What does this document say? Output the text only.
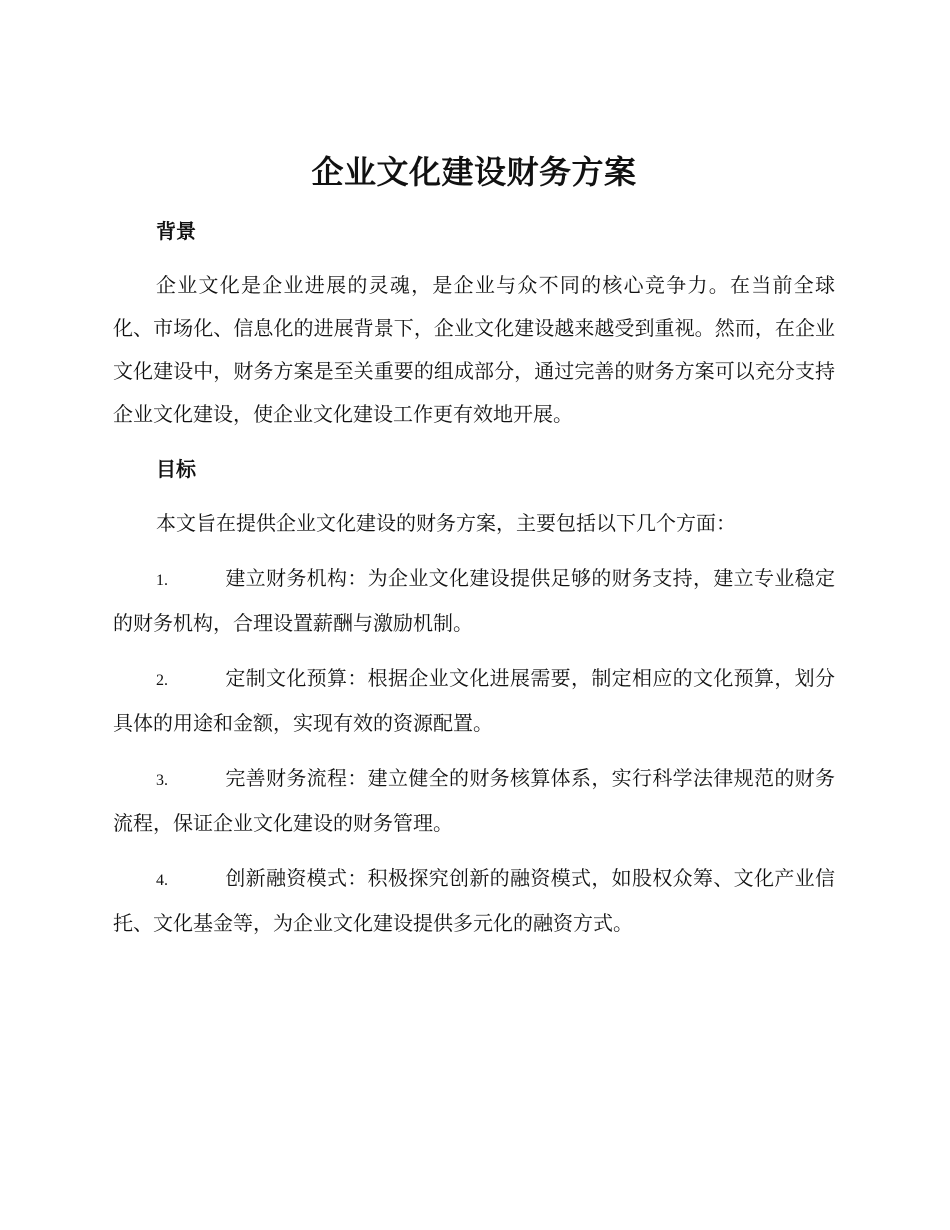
企业文化建设财务方案
背景

企业文化是企业进展的灵魂，是企业与众不同的核心竞争力。在当前全球化、市场化、信息化的进展背景下，企业文化建设越来越受到重视。然而，在企业文化建设中，财务方案是至关重要的组成部分，通过完善的财务方案可以充分支持企业文化建设，使企业文化建设工作更有效地开展。

目标

本文旨在提供企业文化建设的财务方案，主要包括以下几个方面：

1.	建立财务机构：为企业文化建设提供足够的财务支持，建立专业稳定的财务机构，合理设置薪酬与激励机制。

2.	定制文化预算：根据企业文化进展需要，制定相应的文化预算，划分具体的用途和金额，实现有效的资源配置。

3.	完善财务流程：建立健全的财务核算体系，实行科学法律规范的财务流程，保证企业文化建设的财务管理。

4.	创新融资模式：积极探究创新的融资模式，如股权众筹、文化产业信托、文化基金等，为企业文化建设提供多元化的融资方式。
